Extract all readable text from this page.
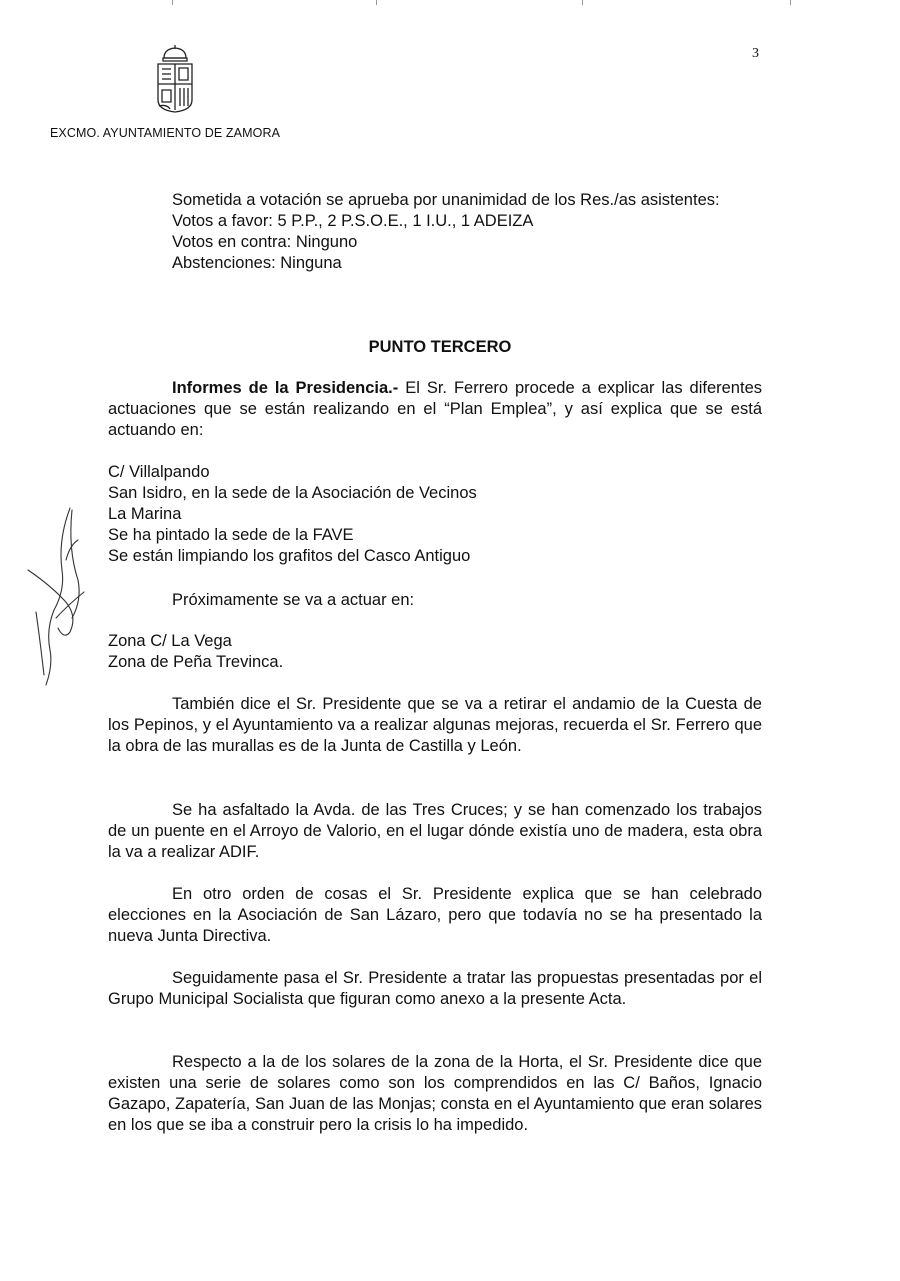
EXCMO. AYUNTAMIENTO DE ZAMORA
3

Sometida a votación se aprueba por unanimidad de los Res./as asistentes:

Votos a favor: 5 P.P., 2 P.S.O.E., 1 I.U., 1 ADEIZA

Votos en contra: Ninguno

Abstenciones: Ninguna

PUNTO TERCERO

Informes de la Presidencia.- El Sr. Ferrero procede a explicar las diferentes actuaciones que se están realizando en el “Plan Emplea”, y así explica que se está actuando en:

C/ Villalpando

San Isidro, en la sede de la Asociación de Vecinos

La Marina

Se ha pintado la sede de la FAVE

Se están limpiando los grafitos del Casco Antiguo

Próximamente se va a actuar en:

Zona C/ La Vega

Zona de Peña Trevinca.

También dice el Sr. Presidente que se va a retirar el andamio de la Cuesta de los Pepinos, y el Ayuntamiento va a realizar algunas mejoras, recuerda el Sr. Ferrero que la obra de las murallas es de la Junta de Castilla y León.

Se ha asfaltado la Avda. de las Tres Cruces; y se han comenzado los trabajos de un puente en el Arroyo de Valorio, en el lugar dónde existía uno de madera, esta obra la va a realizar ADIF.

En otro orden de cosas el Sr. Presidente explica que se han celebrado elecciones en la Asociación de San Lázaro, pero que todavía no se ha presentado la nueva Junta Directiva.

Seguidamente pasa el Sr. Presidente a tratar las propuestas presentadas por el Grupo Municipal Socialista que figuran como anexo a la presente Acta.

Respecto a la de los solares de la zona de la Horta, el Sr. Presidente dice que existen una serie de solares como son los comprendidos en las C/ Baños, Ignacio Gazapo, Zapatería, San Juan de las Monjas; consta en el Ayuntamiento que eran solares en los que se iba a construir pero la crisis lo ha impedido.
